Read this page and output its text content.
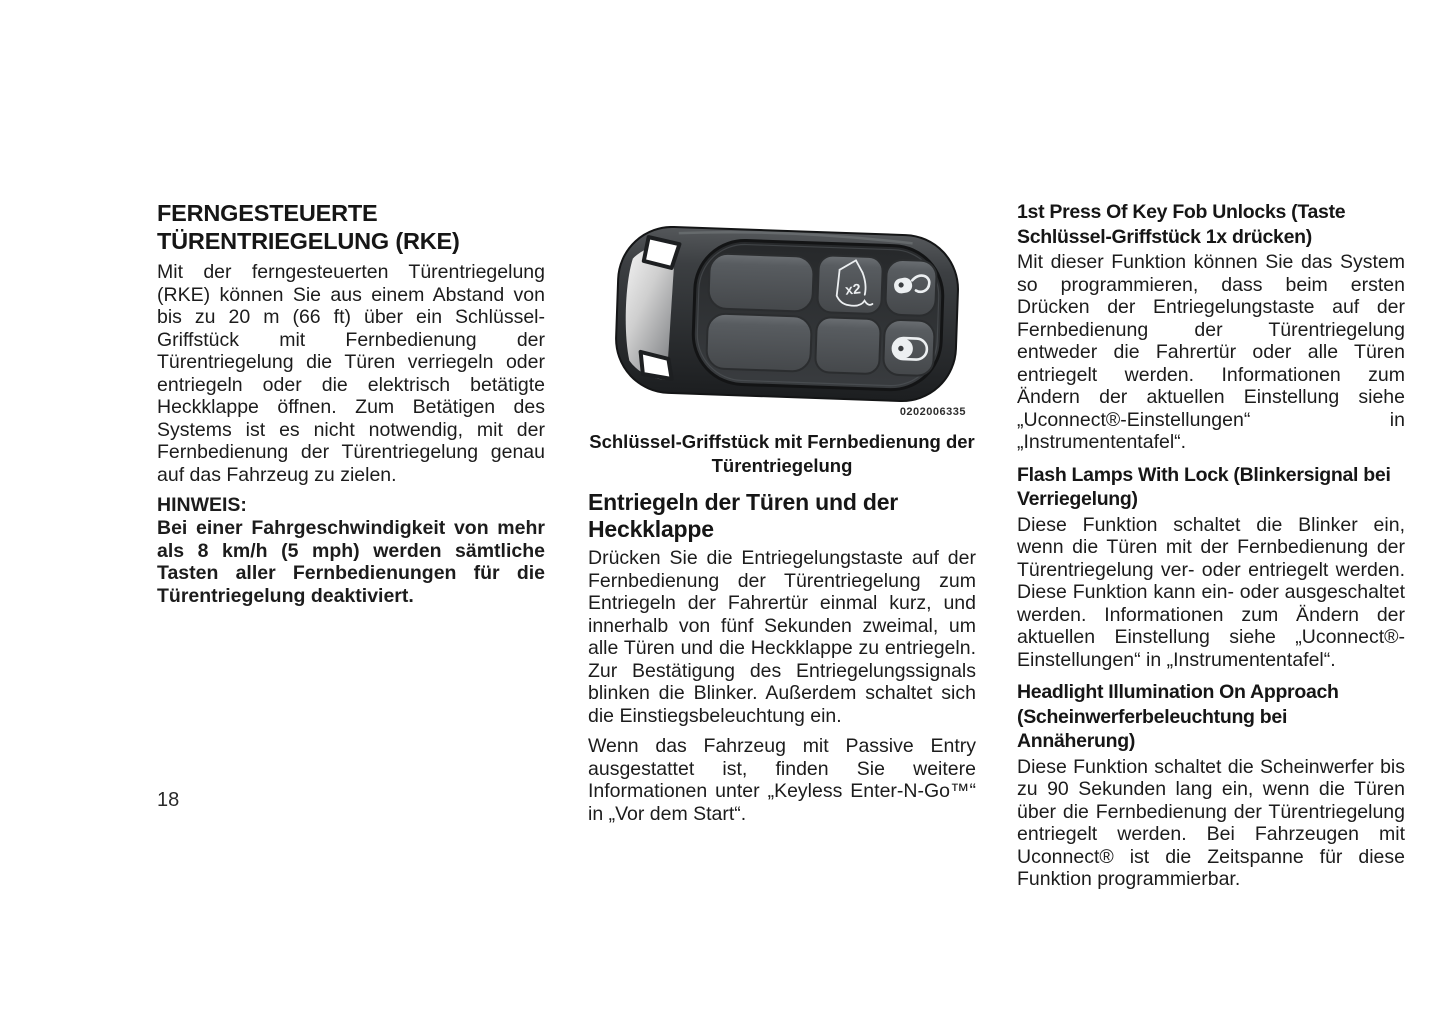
FERNGESTEUERTE TÜRENTRIEGELUNG (RKE)

Mit der ferngesteuerten Türentriegelung (RKE) können Sie aus einem Abstand von bis zu 20 m (66 ft) über ein Schlüssel-Griffstück mit Fernbedienung der Türentriegelung die Türen verriegeln oder entriegeln oder die elektrisch betätigte Heckklappe öffnen. Zum Betätigen des Systems ist es nicht notwendig, mit der Fernbedienung der Türentriegelung genau auf das Fahrzeug zu zielen.

HINWEIS:

Bei einer Fahrgeschwindigkeit von mehr als 8 km/h (5 mph) werden sämtliche Tasten aller Fernbedienungen für die Türentriegelung deaktiviert.

x2
0202006335
Schlüssel-Griffstück mit Fernbedienung der Türentriegelung
Entriegeln der Türen und der Heckklappe

Drücken Sie die Entriegelungstaste auf der Fernbedienung der Türentriegelung zum Entriegeln der Fahrertür einmal kurz, und innerhalb von fünf Sekunden zweimal, um alle Türen und die Heckklappe zu entriegeln. Zur Bestätigung des Entriegelungssignals blinken die Blinker. Außerdem schaltet sich die Einstiegsbeleuchtung ein.

Wenn das Fahrzeug mit Passive Entry ausgestattet ist, finden Sie weitere Informationen unter „Keyless Enter-N-Go™“ in „Vor dem Start“.

1st Press Of Key Fob Unlocks (Taste Schlüssel-Griffstück 1x drücken)

Mit dieser Funktion können Sie das System so programmieren, dass beim ersten Drücken der Entriegelungstaste auf der Fernbedienung der Türentriegelung entweder die Fahrertür oder alle Türen entriegelt werden. Informationen zum Ändern der aktuellen Einstellung siehe „Uconnect®-Einstellungen“ in „Instrumententafel“.

Flash Lamps With Lock (Blinkersignal bei Verriegelung)

Diese Funktion schaltet die Blinker ein, wenn die Türen mit der Fernbedienung der Türentriegelung ver- oder entriegelt werden. Diese Funktion kann ein- oder ausgeschaltet werden. Informationen zum Ändern der aktuellen Einstellung siehe „Uconnect®-Einstellungen“ in „Instrumententafel“.

Headlight Illumination On Approach (Scheinwerferbeleuchtung bei Annäherung)

Diese Funktion schaltet die Scheinwerfer bis zu 90 Sekunden lang ein, wenn die Türen über die Fernbedienung der Türentriegelung entriegelt werden. Bei Fahrzeugen mit Uconnect® ist die Zeitspanne für diese Funktion programmierbar.

18
